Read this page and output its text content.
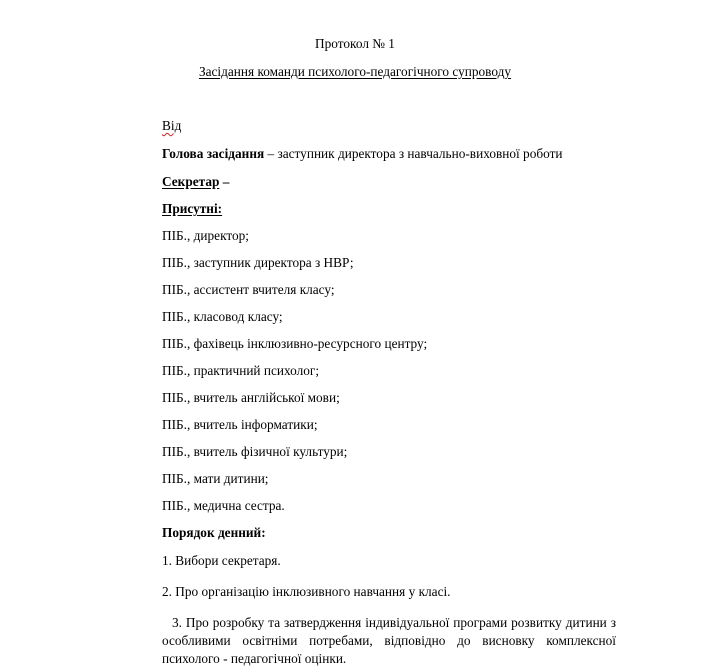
Протокол № 1
Засідання команди психолого-педагогічного супроводу
Від
Голова засідання – заступник директора з навчально-виховної роботи
Секретар –
Присутні:
ПІБ., директор;
ПІБ., заступник директора з НВР;
ПІБ., ассистент вчителя класу;
ПІБ., класовод класу;
ПІБ., фахівець інклюзивно-ресурсного центру;
ПІБ., практичний психолог;
ПІБ., вчитель англійської мови;
ПІБ., вчитель інформатики;
ПІБ., вчитель фізичної культури;
ПІБ., мати дитини;
ПІБ., медична сестра.
Порядок денний:
1. Вибори секретаря.
2. Про організацію інклюзивного навчання у класі.
3. Про розробку та затвердження індивідуальної програми розвитку дитини з особливими освітніми потребами, відповідно до висновку комплексної психолого - педагогічної оцінки.
